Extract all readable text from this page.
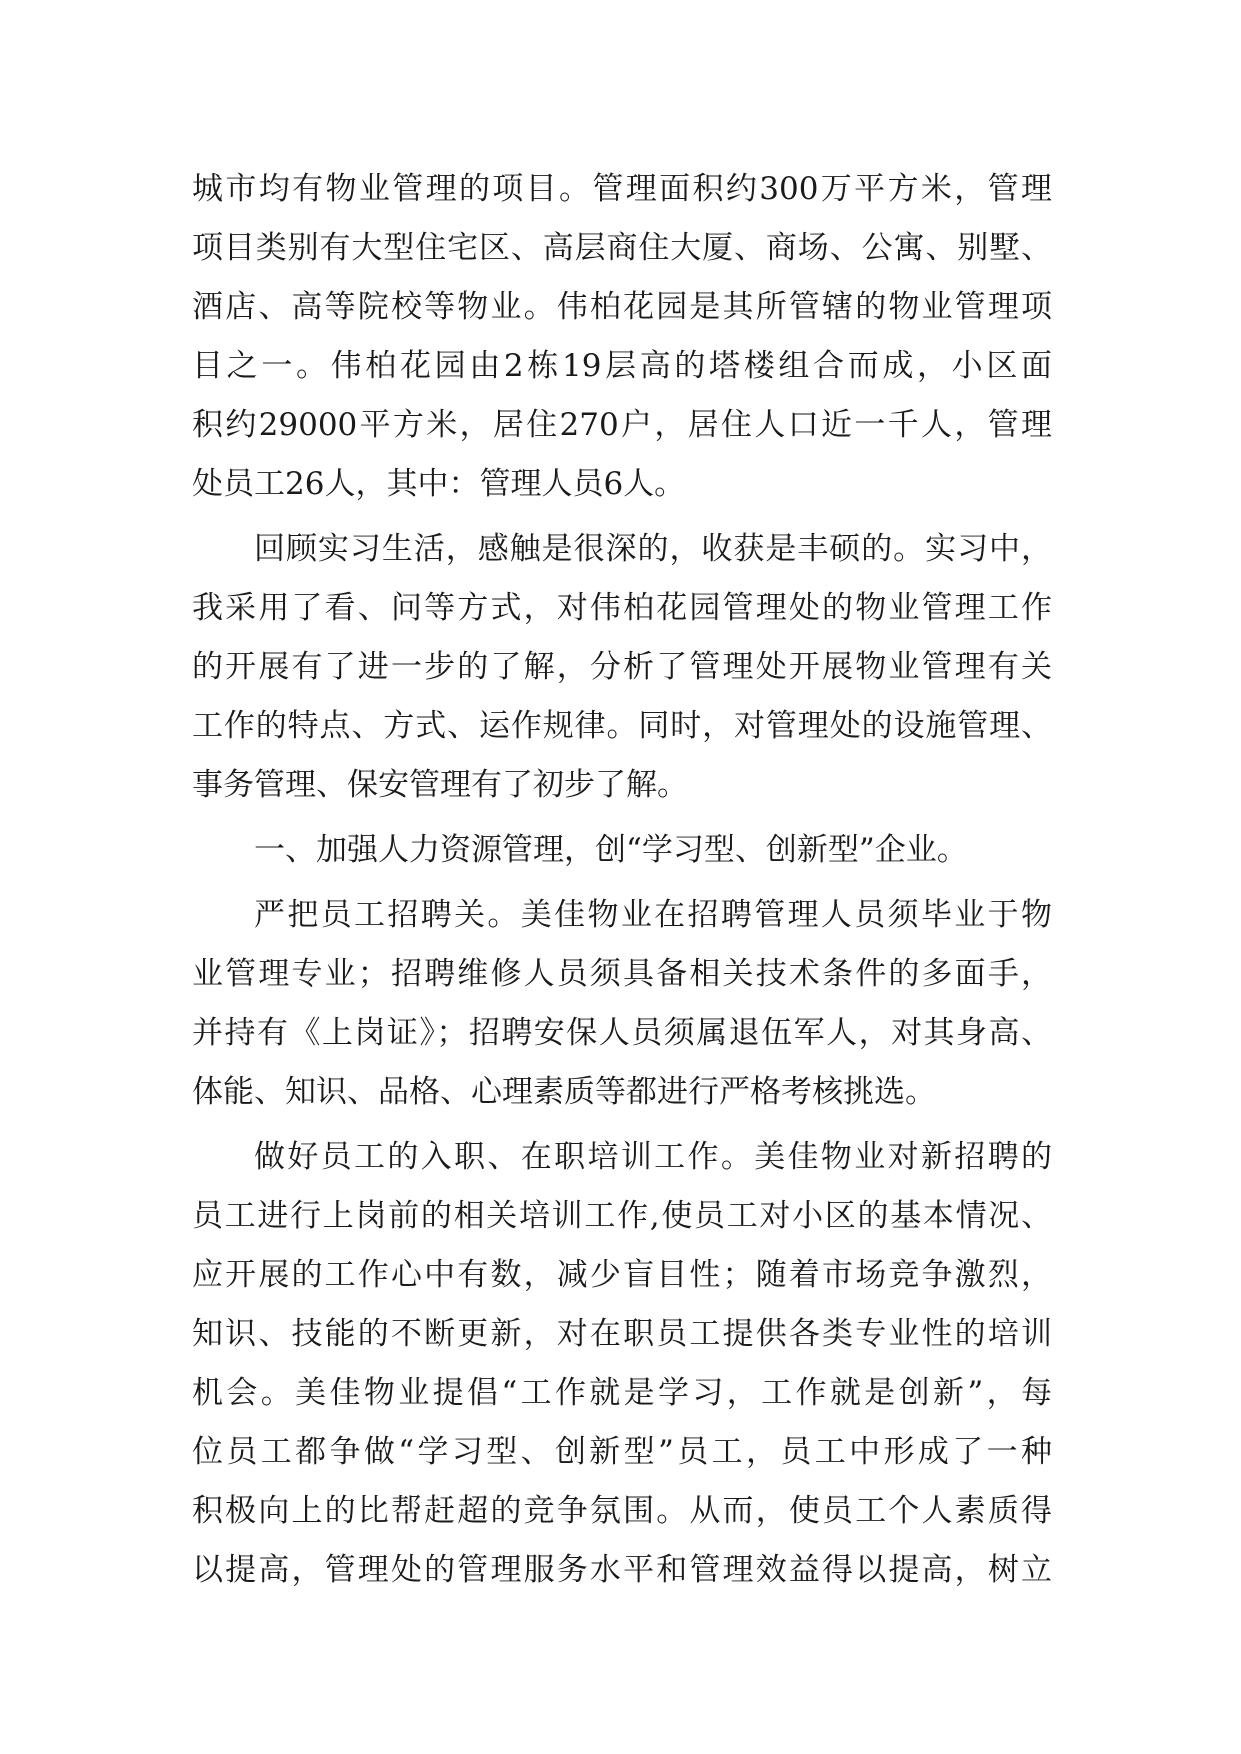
城市均有物业管理的项目。管理面积约300万平方米，管理
项目类别有大型住宅区、高层商住大厦、商场、公寓、别墅、
酒店、高等院校等物业。伟柏花园是其所管辖的物业管理项
目之一。伟柏花园由2栋19层高的塔楼组合而成，小区面
积约29000平方米，居住270户，居住人口近一千人，管理
处员工26人，其中：管理人员6人。
回顾实习生活，感触是很深的，收获是丰硕的。实习中，
我采用了看、问等方式，对伟柏花园管理处的物业管理工作
的开展有了进一步的了解，分析了管理处开展物业管理有关
工作的特点、方式、运作规律。同时，对管理处的设施管理、
事务管理、保安管理有了初步了解。
一、加强人力资源管理，创“学习型、创新型”企业。
严把员工招聘关。美佳物业在招聘管理人员须毕业于物
业管理专业；招聘维修人员须具备相关技术条件的多面手，
并持有《上岗证》；招聘安保人员须属退伍军人，对其身高、
体能、知识、品格、心理素质等都进行严格考核挑选。
做好员工的入职、在职培训工作。美佳物业对新招聘的
员工进行上岗前的相关培训工作,使员工对小区的基本情况、
应开展的工作心中有数，减少盲目性；随着市场竞争激烈，
知识、技能的不断更新，对在职员工提供各类专业性的培训
机会。美佳物业提倡“工作就是学习，工作就是创新”，每
位员工都争做“学习型、创新型”员工，员工中形成了一种
积极向上的比帮赶超的竞争氛围。从而，使员工个人素质得
以提高，管理处的管理服务水平和管理效益得以提高，树立
